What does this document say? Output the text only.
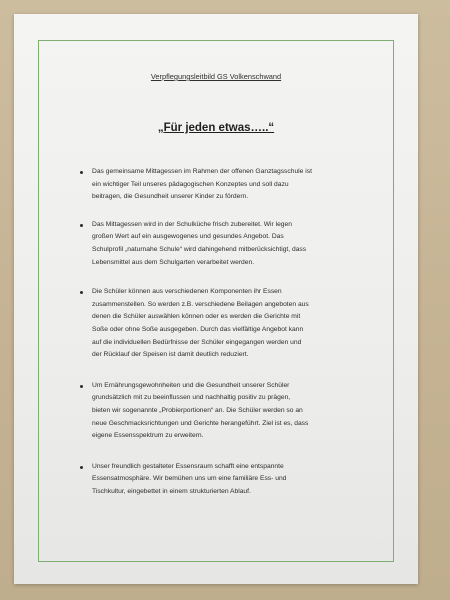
Verpflegungsleitbild GS Volkenschwand
„Für jeden etwas…..“
Das gemeinsame Mittagessen im Rahmen der offenen Ganztagsschule ist
ein wichtiger Teil unseres pädagogischen Konzeptes und soll dazu
beitragen, die Gesundheit unserer Kinder zu fördern.
Das Mittagessen wird in der Schulküche frisch zubereitet. Wir legen
großen Wert auf ein ausgewogenes und gesundes Angebot. Das
Schulprofil „naturnahe Schule“ wird dahingehend mitberücksichtigt, dass
Lebensmittel aus dem Schulgarten verarbeitet werden.
Die Schüler können aus verschiedenen Komponenten ihr Essen
zusammenstellen. So werden z.B. verschiedene Beilagen angeboten aus
denen die Schüler auswählen können oder es werden die Gerichte mit
Soße oder ohne Soße ausgegeben. Durch das vielfältige Angebot kann
auf die individuellen Bedürfnisse der Schüler eingegangen werden und
der Rücklauf der Speisen ist damit deutlich reduziert.
Um Ernährungsgewohnheiten und die Gesundheit unserer Schüler
grundsätzlich mit zu beeinflussen und nachhaltig positiv zu prägen,
bieten wir sogenannte „Probierportionen“ an. Die Schüler werden so an
neue Geschmacksrichtungen und Gerichte herangeführt. Ziel ist es, dass
eigene Essensspektrum zu erweitern.
Unser freundlich gestalteter Essensraum schafft eine entspannte
Essensatmosphäre. Wir bemühen uns um eine familiäre Ess- und
Tischkultur, eingebettet in einem strukturierten Ablauf.
